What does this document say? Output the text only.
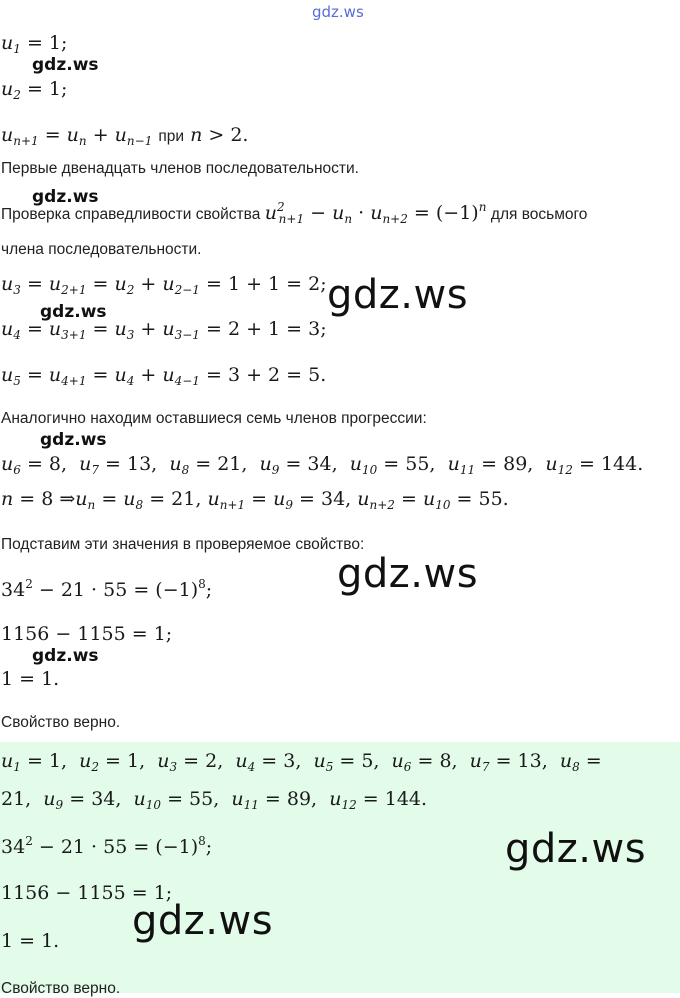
gdz.ws
$u_1 = 1$;
gdz.ws
$u_2 = 1$;
$u_{n+1} = u_n + u_{n-1}$ при n > 2.
Первые двенадцать членов последовательности.
gdz.ws
Проверка справедливости свойства $u^2_{n+1} - u_n \cdot u_{n+2} = (-1)^n$ для восьмого
члена последовательности.
$u_3 = u_{2+1} = u_2 + u_{2-1} = 1 + 1 = 2$; gdz.ws
gdz.ws
$u_4 = u_{3+1} = u_3 + u_{3-1} = 2 + 1 = 3$;
$u_5 = u_{4+1} = u_4 + u_{4-1} = 3 + 2 = 5$.
Аналогично находим оставшиеся семь членов прогрессии:
gdz.ws
$u_6 = 8$,  $u_7 = 13$,  $u_8 = 21$,  $u_9 = 34$,  $u_{10} = 55$,  $u_{11} = 89$,  $u_{12} = 144$.
n = 8 $\Rightarrow u_n = u_8 = 21$, $u_{n+1} = u_9 = 34$, $u_{n+2} = u_{10} = 55$.
Подставим эти значения в проверяемое свойство:
gdz.ws
$34^2 - 21 \cdot 55 = (-1)^8$;
1156 − 1155 = 1;
gdz.ws
1 = 1.
Свойство верно.
$u_1 = 1$,  $u_2 = 1$,  $u_3 = 2$,  $u_4 = 3$,  $u_5 = 5$,  $u_6 = 8$,  $u_7 = 13$,  $u_8$ =
21,  $u_9 = 34$,  $u_{10} = 55$,  $u_{11} = 89$,  $u_{12} = 144$.
$34^2 - 21 \cdot 55 = (-1)^8$;	gdz.ws
1156 − 1155 = 1;
gdz.ws
1 = 1.
Свойство верно.
